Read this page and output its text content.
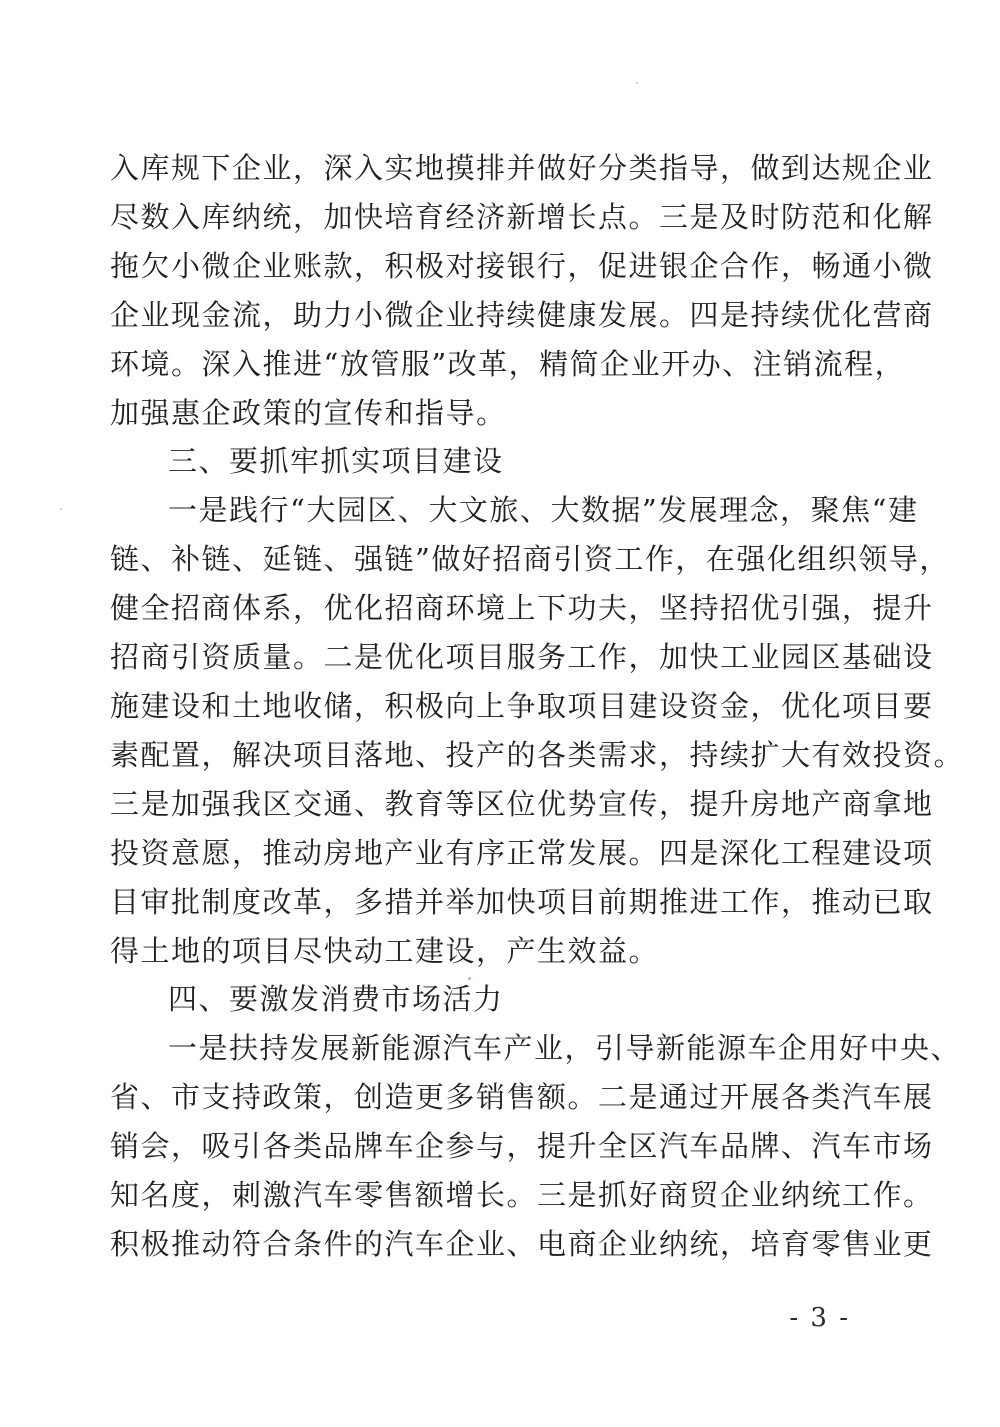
入库规下企业，深入实地摸排并做好分类指导，做到达规企业
尽数入库纳统，加快培育经济新增长点。三是及时防范和化解
拖欠小微企业账款，积极对接银行，促进银企合作，畅通小微
企业现金流，助力小微企业持续健康发展。四是持续优化营商
环境。深入推进“放管服”改革，精简企业开办、注销流程，
加强惠企政策的宣传和指导。
三、要抓牢抓实项目建设
一是践行“大园区、大文旅、大数据”发展理念，聚焦“建
链、补链、延链、强链”做好招商引资工作，在强化组织领导，
健全招商体系，优化招商环境上下功夫，坚持招优引强，提升
招商引资质量。二是优化项目服务工作，加快工业园区基础设
施建设和土地收储，积极向上争取项目建设资金，优化项目要
素配置，解决项目落地、投产的各类需求，持续扩大有效投资。
三是加强我区交通、教育等区位优势宣传，提升房地产商拿地
投资意愿，推动房地产业有序正常发展。四是深化工程建设项
目审批制度改革，多措并举加快项目前期推进工作，推动已取
得土地的项目尽快动工建设，产生效益。
四、要激发消费市场活力
一是扶持发展新能源汽车产业，引导新能源车企用好中央、
省、市支持政策，创造更多销售额。二是通过开展各类汽车展
销会，吸引各类品牌车企参与，提升全区汽车品牌、汽车市场
知名度，刺激汽车零售额增长。三是抓好商贸企业纳统工作。
积极推动符合条件的汽车企业、电商企业纳统，培育零售业更
- 3 -
